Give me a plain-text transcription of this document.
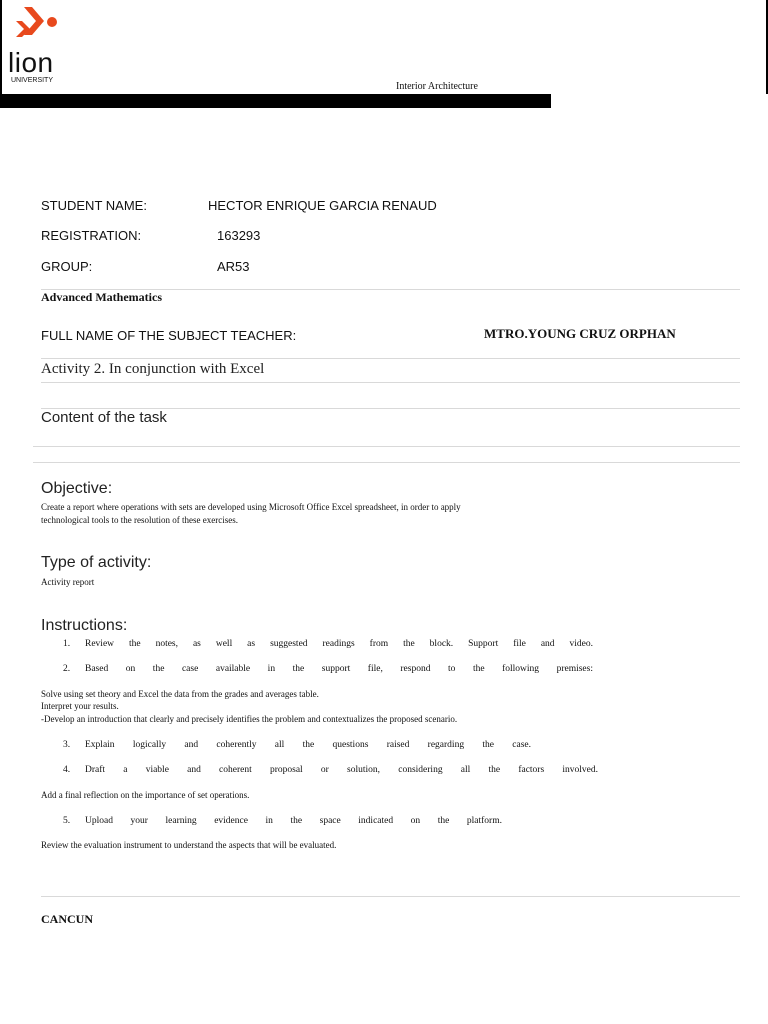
lion
UNIVERSITY
Interior Architecture
STUDENT NAME:	HECTOR ENRIQUE GARCIA RENAUD
REGISTRATION:	163293
GROUP:	AR53
Advanced Mathematics
FULL NAME OF THE SUBJECT TEACHER:	MTRO.YOUNG CRUZ ORPHAN
Activity 2. In conjunction with Excel
Content of the task
Objective:
Create a report where operations with sets are developed using Microsoft Office Excel spreadsheet, in order to apply
technological tools to the resolution of these exercises.
Type of activity:
Activity report
Instructions:
1.	Review the notes, as well as suggested readings from the block. Support file and video.
2.	Based on the case available in the support file, respond to the following premises:
Solve using set theory and Excel the data from the grades and averages table.
Interpret your results.
-Develop an introduction that clearly and precisely identifies the problem and contextualizes the proposed scenario.
3.	Explain logically and coherently all the questions raised regarding the case.
4.	Draft a viable and coherent proposal or solution, considering all the factors involved.
Add a final reflection on the importance of set operations.
5.	Upload your learning evidence in the space indicated on the platform.
Review the evaluation instrument to understand the aspects that will be evaluated.
CANCUN
